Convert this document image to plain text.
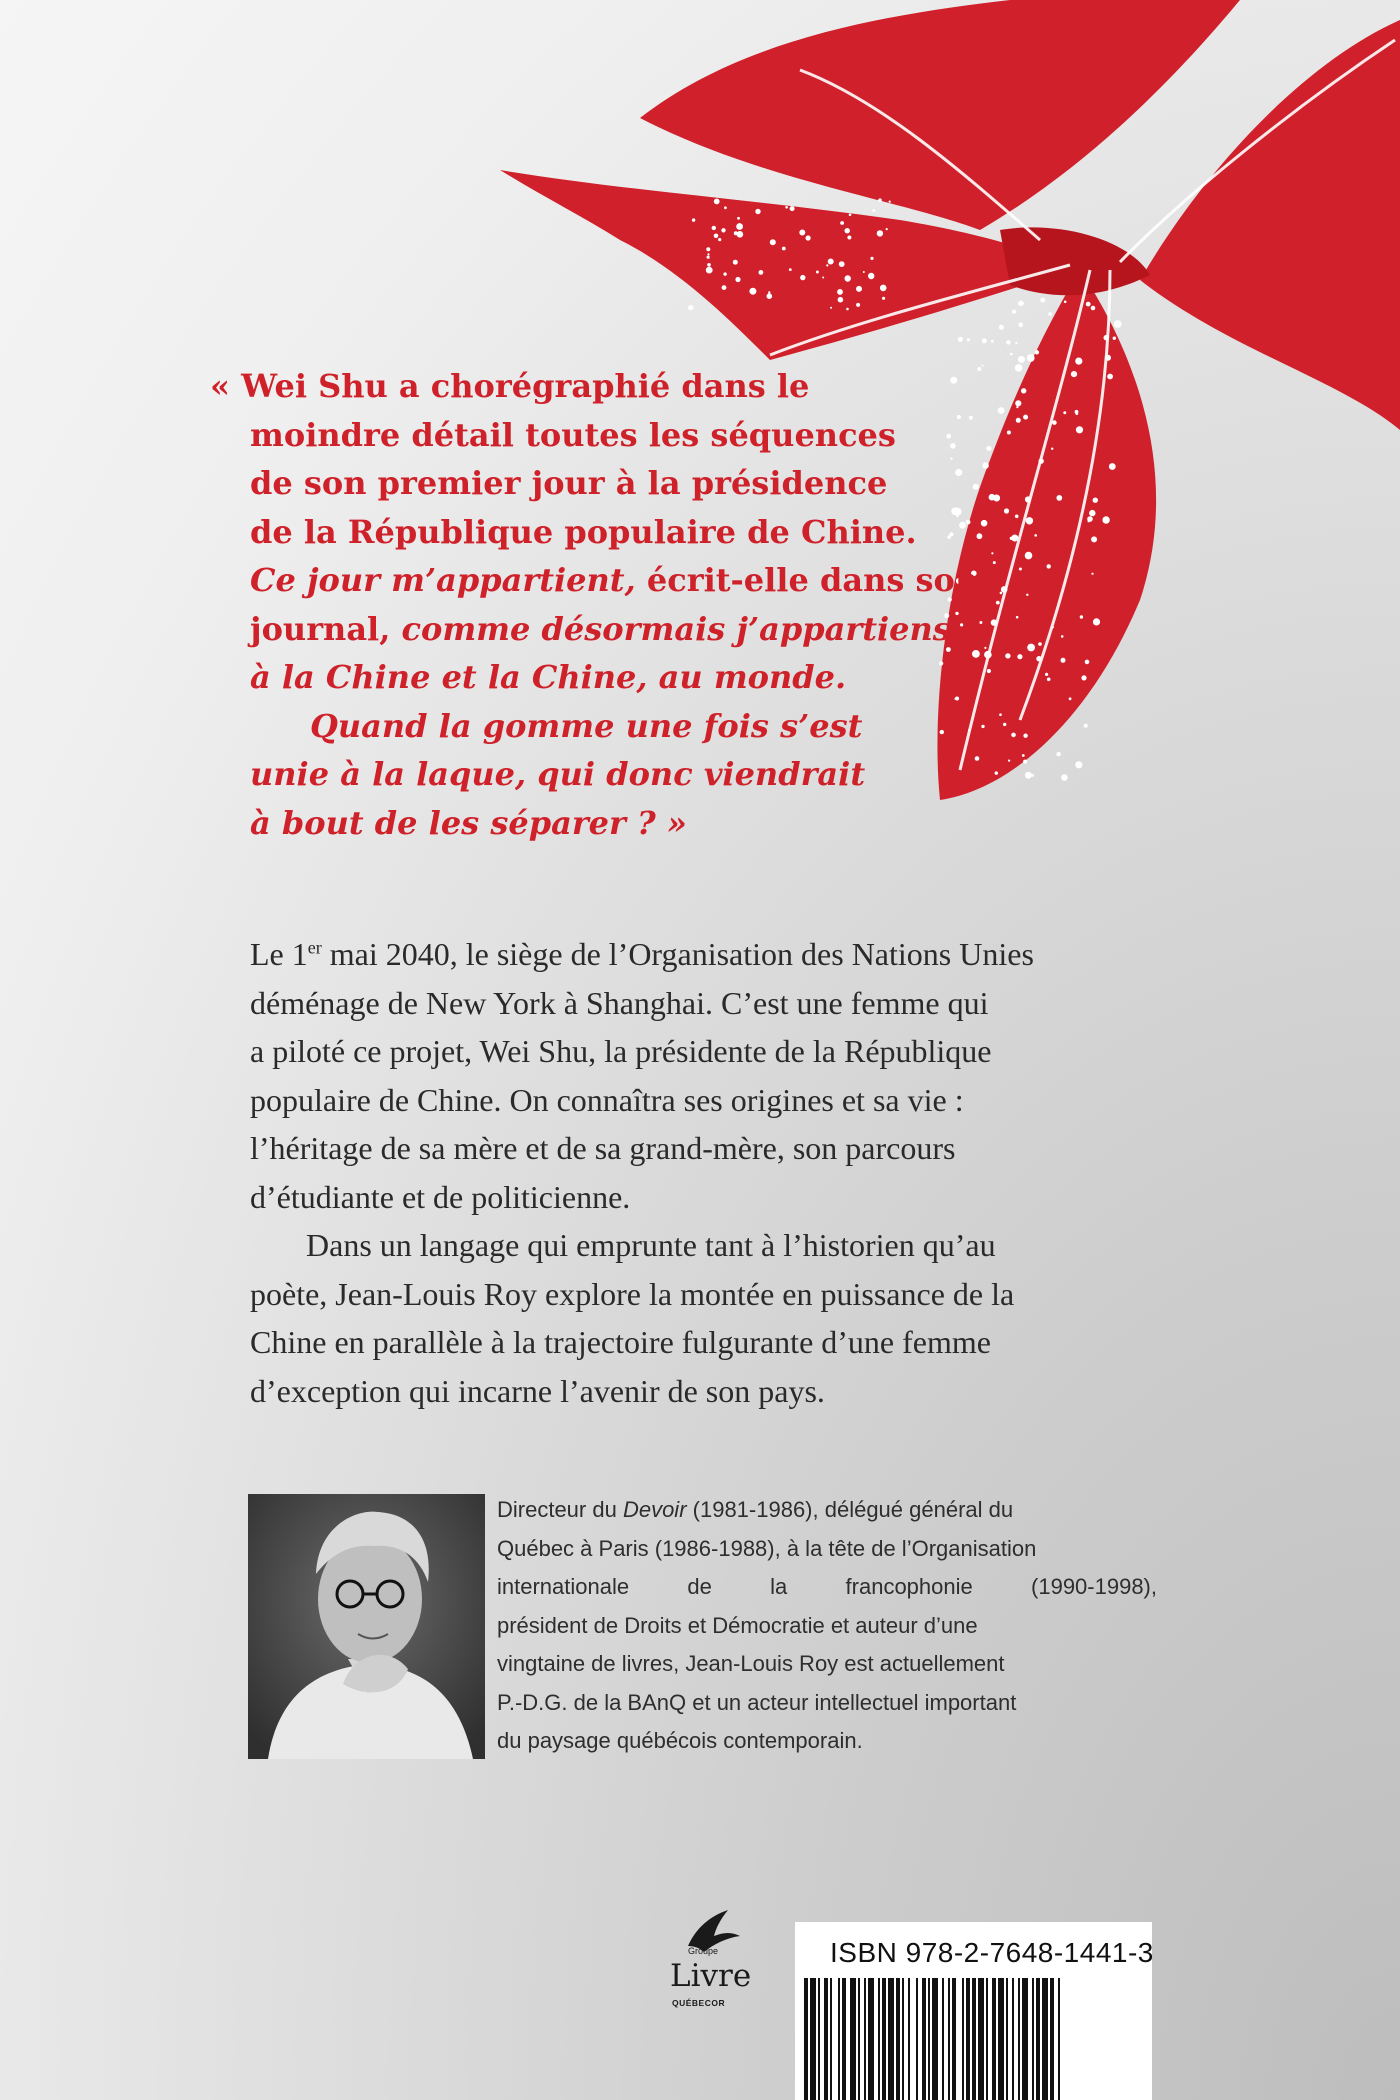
« Wei Shu a chorégraphié dans le
moindre détail toutes les séquences
de son premier jour à la présidence
de la République populaire de Chine.
Ce jour m’appartient, écrit-elle dans son
journal, comme désormais j’appartiens
à la Chine et la Chine, au monde.
Quand la gomme une fois s’est
unie à la laque, qui donc viendrait
à bout de les séparer ? »
Le 1er mai 2040, le siège de l’Organisation des Nations Unies
déménage de New York à Shanghai. C’est une femme qui
a piloté ce projet, Wei Shu, la présidente de la République
populaire de Chine. On connaîtra ses origines et sa vie :
l’héritage de sa mère et de sa grand-mère, son parcours
d’étudiante et de politicienne.
Dans un langage qui emprunte tant à l’historien qu’au
poète, Jean-Louis Roy explore la montée en puissance de la
Chine en parallèle à la trajectoire fulgurante d’une femme
d’exception qui incarne l’avenir de son pays.
Directeur du Devoir (1981-1986), délégué général du
Québec à Paris (1986-1988), à la tête de l’Organisation
internationale de la francophonie (1990-1998),
président de Droits et Démocratie et auteur d’une
vingtaine de livres, Jean-Louis Roy est actuellement
P.-D.G. de la BAnQ et un acteur intellectuel important
du paysage québécois contemporain.
Groupe
Livre
QUÉBECOR
ISBN 978-2-7648-1441-3
